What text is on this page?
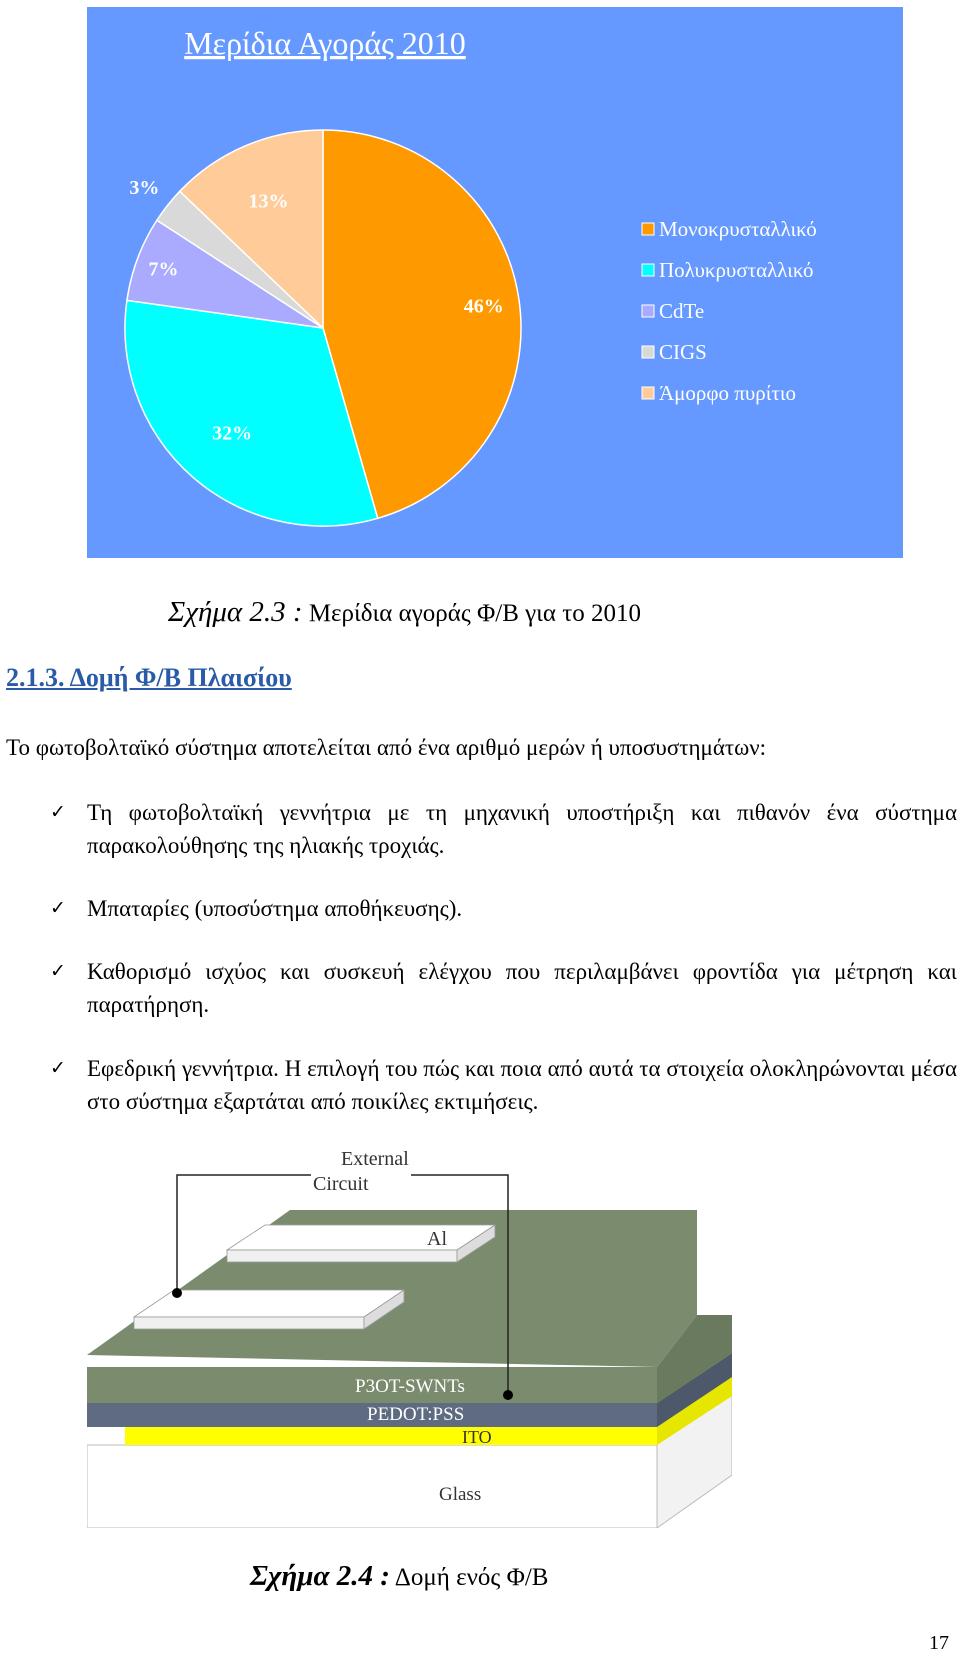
Μερίδια Αγοράς 2010
46%
32%
7%
3%
13%
Μονοκρυσταλλικό
Πολυκρυσταλλικό
CdTe
CIGS
Άμορφο πυρίτιο
Σχήμα 2.3 : Μερίδια αγοράς Φ/Β για το 2010
2.1.3. Δομή Φ/Β Πλαισίου
Το φωτοβολταϊκό σύστημα αποτελείται από ένα αριθμό μερών ή υποσυστημάτων:
✓ Τη φωτοβολταϊκή γεννήτρια με τη μηχανική υποστήριξη και πιθανόν ένα σύστημα παρακολούθησης της ηλιακής τροχιάς.
✓ Μπαταρίες (υποσύστημα αποθήκευσης).
✓ Καθορισμό ισχύος και συσκευή ελέγχου που περιλαμβάνει φροντίδα για μέτρηση και παρατήρηση.
✓ Εφεδρική γεννήτρια. Η επιλογή του πώς και ποια από αυτά τα στοιχεία ολοκληρώνονται μέσα στο σύστημα εξαρτάται από ποικίλες εκτιμήσεις.
External
Circuit
Al
P3OT-SWNTs
PEDOT:PSS
ITO
Glass
Σχήμα 2.4 : Δομή ενός Φ/Β
17
